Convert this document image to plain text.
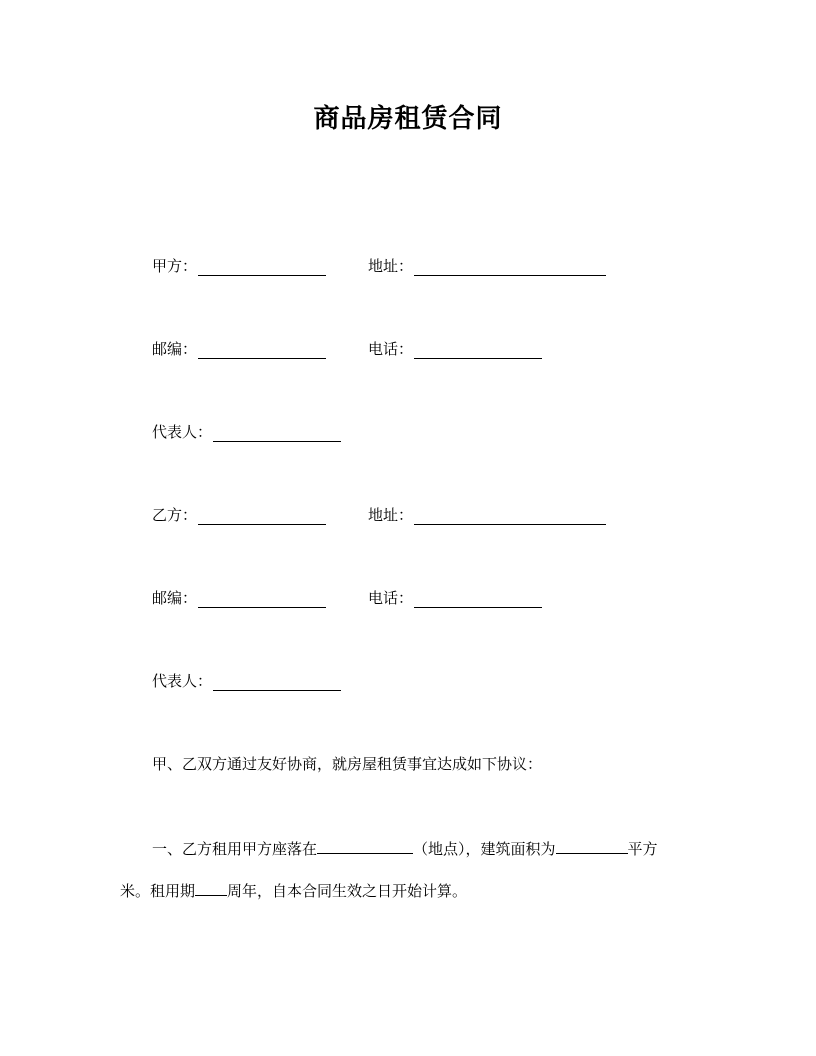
商品房租赁合同
甲方：	地址：
邮编：	电话：
代表人：
乙方：	地址：
邮编：	电话：
代表人：

甲、乙双方通过友好协商，就房屋租赁事宜达成如下协议：

一、乙方租用甲方座落在	（地点），建筑面积为	平方

米。租用期 周年，自本合同生效之日开始计算。
